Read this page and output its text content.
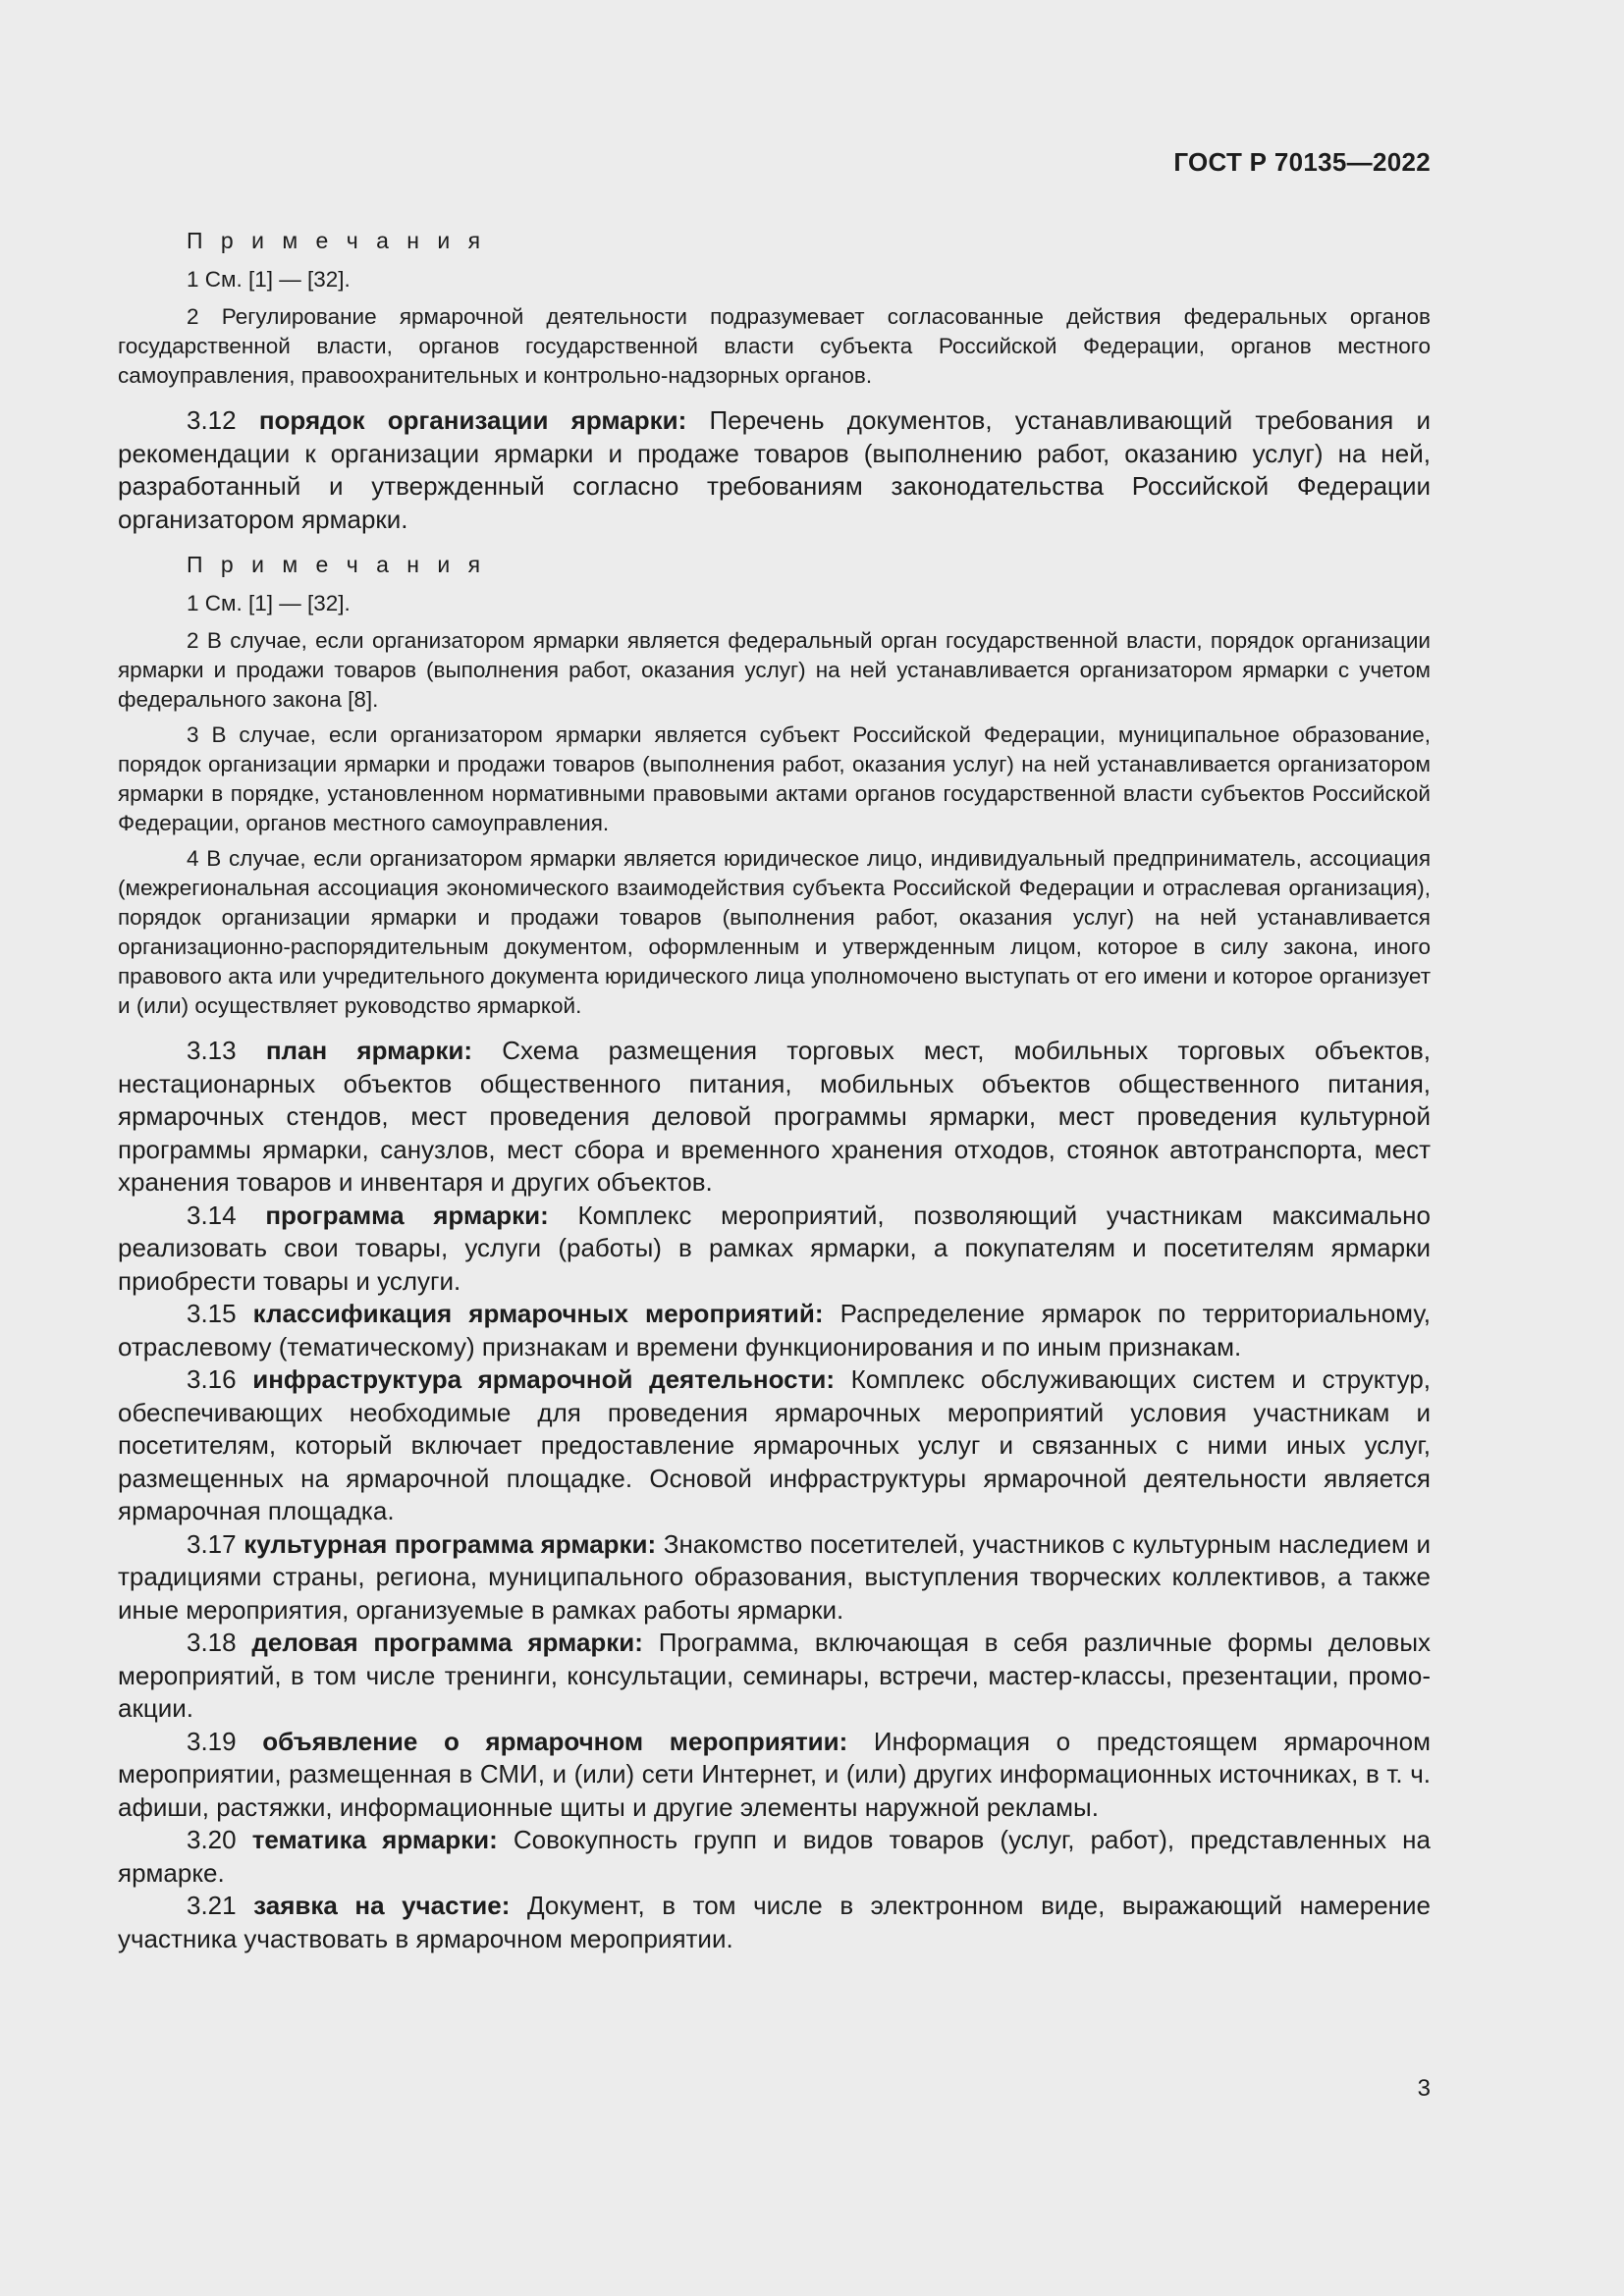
ГОСТ Р 70135—2022
П р и м е ч а н и я

1 См. [1] — [32].

2 Регулирование ярмарочной деятельности подразумевает согласованные действия федеральных органов государственной власти, органов государственной власти субъекта Российской Федерации, органов местного самоуправления, правоохранительных и контрольно-надзорных органов.

3.12 порядок организации ярмарки: Перечень документов, устанавливающий требования и рекомендации к организации ярмарки и продаже товаров (выполнению работ, оказанию услуг) на ней, разработанный и утвержденный согласно требованиям законодательства Российской Федерации организатором ярмарки.

П р и м е ч а н и я

1 См. [1] — [32].

2 В случае, если организатором ярмарки является федеральный орган государственной власти, порядок организации ярмарки и продажи товаров (выполнения работ, оказания услуг) на ней устанавливается организатором ярмарки с учетом федерального закона [8].

3 В случае, если организатором ярмарки является субъект Российской Федерации, муниципальное образование, порядок организации ярмарки и продажи товаров (выполнения работ, оказания услуг) на ней устанавливается организатором ярмарки в порядке, установленном нормативными правовыми актами органов государственной власти субъектов Российской Федерации, органов местного самоуправления.

4 В случае, если организатором ярмарки является юридическое лицо, индивидуальный предприниматель, ассоциация (межрегиональная ассоциация экономического взаимодействия субъекта Российской Федерации и отраслевая организация), порядок организации ярмарки и продажи товаров (выполнения работ, оказания услуг) на ней устанавливается организационно-распорядительным документом, оформленным и утвержденным лицом, которое в силу закона, иного правового акта или учредительного документа юридического лица уполномочено выступать от его имени и которое организует и (или) осуществляет руководство ярмаркой.

3.13 план ярмарки: Схема размещения торговых мест, мобильных торговых объектов, нестационарных объектов общественного питания, мобильных объектов общественного питания, ярмарочных стендов, мест проведения деловой программы ярмарки, мест проведения культурной программы ярмарки, санузлов, мест сбора и временного хранения отходов, стоянок автотранспорта, мест хранения товаров и инвентаря и других объектов.

3.14 программа ярмарки: Комплекс мероприятий, позволяющий участникам максимально реализовать свои товары, услуги (работы) в рамках ярмарки, а покупателям и посетителям ярмарки приобрести товары и услуги.

3.15 классификация ярмарочных мероприятий: Распределение ярмарок по территориальному, отраслевому (тематическому) признакам и времени функционирования и по иным признакам.

3.16 инфраструктура ярмарочной деятельности: Комплекс обслуживающих систем и структур, обеспечивающих необходимые для проведения ярмарочных мероприятий условия участникам и посетителям, который включает предоставление ярмарочных услуг и связанных с ними иных услуг, размещенных на ярмарочной площадке. Основой инфраструктуры ярмарочной деятельности является ярмарочная площадка.

3.17 культурная программа ярмарки: Знакомство посетителей, участников с культурным наследием и традициями страны, региона, муниципального образования, выступления творческих коллективов, а также иные мероприятия, организуемые в рамках работы ярмарки.

3.18 деловая программа ярмарки: Программа, включающая в себя различные формы деловых мероприятий, в том числе тренинги, консультации, семинары, встречи, мастер-классы, презентации, промо-акции.

3.19 объявление о ярмарочном мероприятии: Информация о предстоящем ярмарочном мероприятии, размещенная в СМИ, и (или) сети Интернет, и (или) других информационных источниках, в т. ч. афиши, растяжки, информационные щиты и другие элементы наружной рекламы.

3.20 тематика ярмарки: Совокупность групп и видов товаров (услуг, работ), представленных на ярмарке.

3.21 заявка на участие: Документ, в том числе в электронном виде, выражающий намерение участника участвовать в ярмарочном мероприятии.

3
